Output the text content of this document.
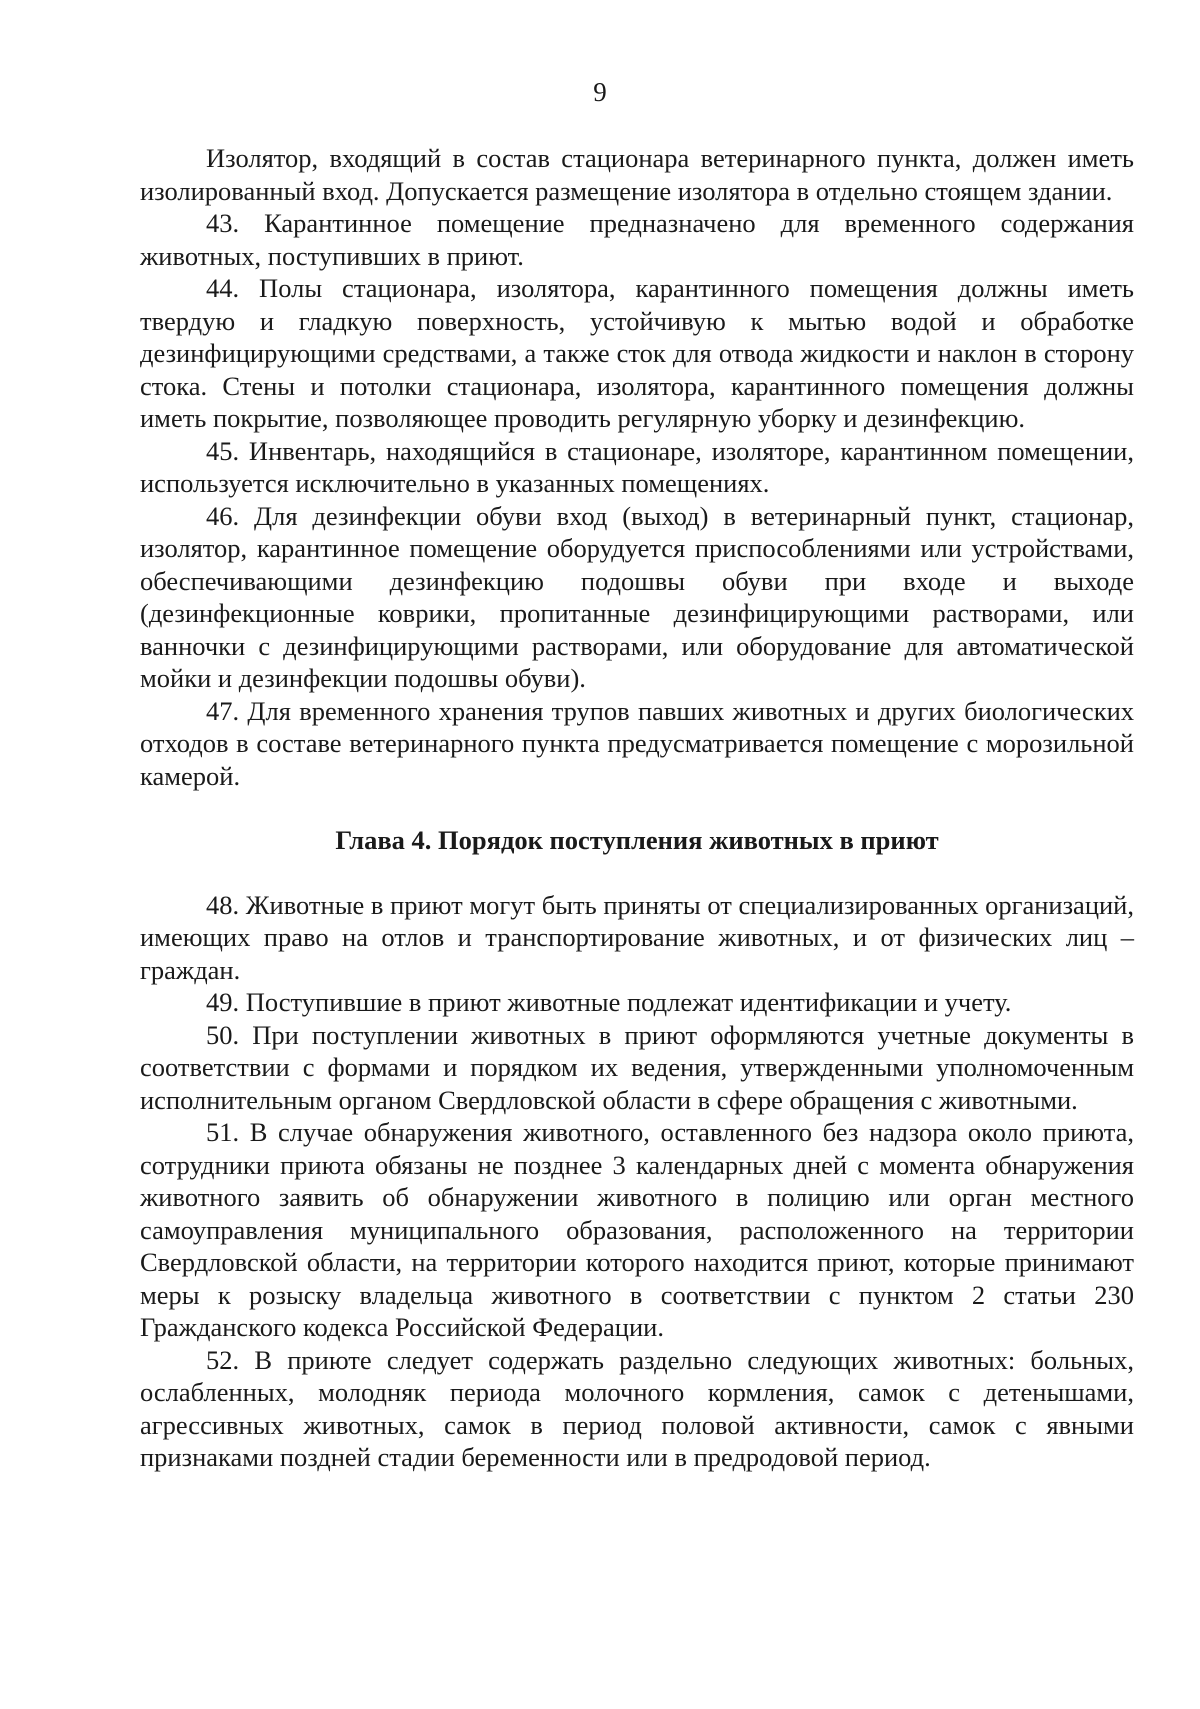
9

Изолятор, входящий в состав стационара ветеринарного пункта, должен иметь изолированный вход. Допускается размещение изолятора в отдельно стоящем здании.

43. Карантинное помещение предназначено для временного содержания животных, поступивших в приют.

44. Полы стационара, изолятора, карантинного помещения должны иметь твердую и гладкую поверхность, устойчивую к мытью водой и обработке дезинфицирующими средствами, а также сток для отвода жидкости и наклон в сторону стока. Стены и потолки стационара, изолятора, карантинного помещения должны иметь покрытие, позволяющее проводить регулярную уборку и дезинфекцию.

45. Инвентарь, находящийся в стационаре, изоляторе, карантинном помещении, используется исключительно в указанных помещениях.

46. Для дезинфекции обуви вход (выход) в ветеринарный пункт, стационар, изолятор, карантинное помещение оборудуется приспособлениями или устройствами, обеспечивающими дезинфекцию подошвы обуви при входе и выходе (дезинфекционные коврики, пропитанные дезинфицирующими растворами, или ванночки с дезинфицирующими растворами, или оборудование для автоматической мойки и дезинфекции подошвы обуви).

47. Для временного хранения трупов павших животных и других биологических отходов в составе ветеринарного пункта предусматривается помещение с морозильной камерой.

Глава 4. Порядок поступления животных в приют

48. Животные в приют могут быть приняты от специализированных организаций, имеющих право на отлов и транспортирование животных, и от физических лиц – граждан.

49. Поступившие в приют животные подлежат идентификации и учету.

50. При поступлении животных в приют оформляются учетные документы в соответствии с формами и порядком их ведения, утвержденными уполномоченным исполнительным органом Свердловской области в сфере обращения с животными.

51. В случае обнаружения животного, оставленного без надзора около приюта, сотрудники приюта обязаны не позднее 3 календарных дней с момента обнаружения животного заявить об обнаружении животного в полицию или орган местного самоуправления муниципального образования, расположенного на территории Свердловской области, на территории которого находится приют, которые принимают меры к розыску владельца животного в соответствии с пунктом 2 статьи 230 Гражданского кодекса Российской Федерации.

52. В приюте следует содержать раздельно следующих животных: больных, ослабленных, молодняк периода молочного кормления, самок с детенышами, агрессивных животных, самок в период половой активности, самок с явными признаками поздней стадии беременности или в предродовой период.
